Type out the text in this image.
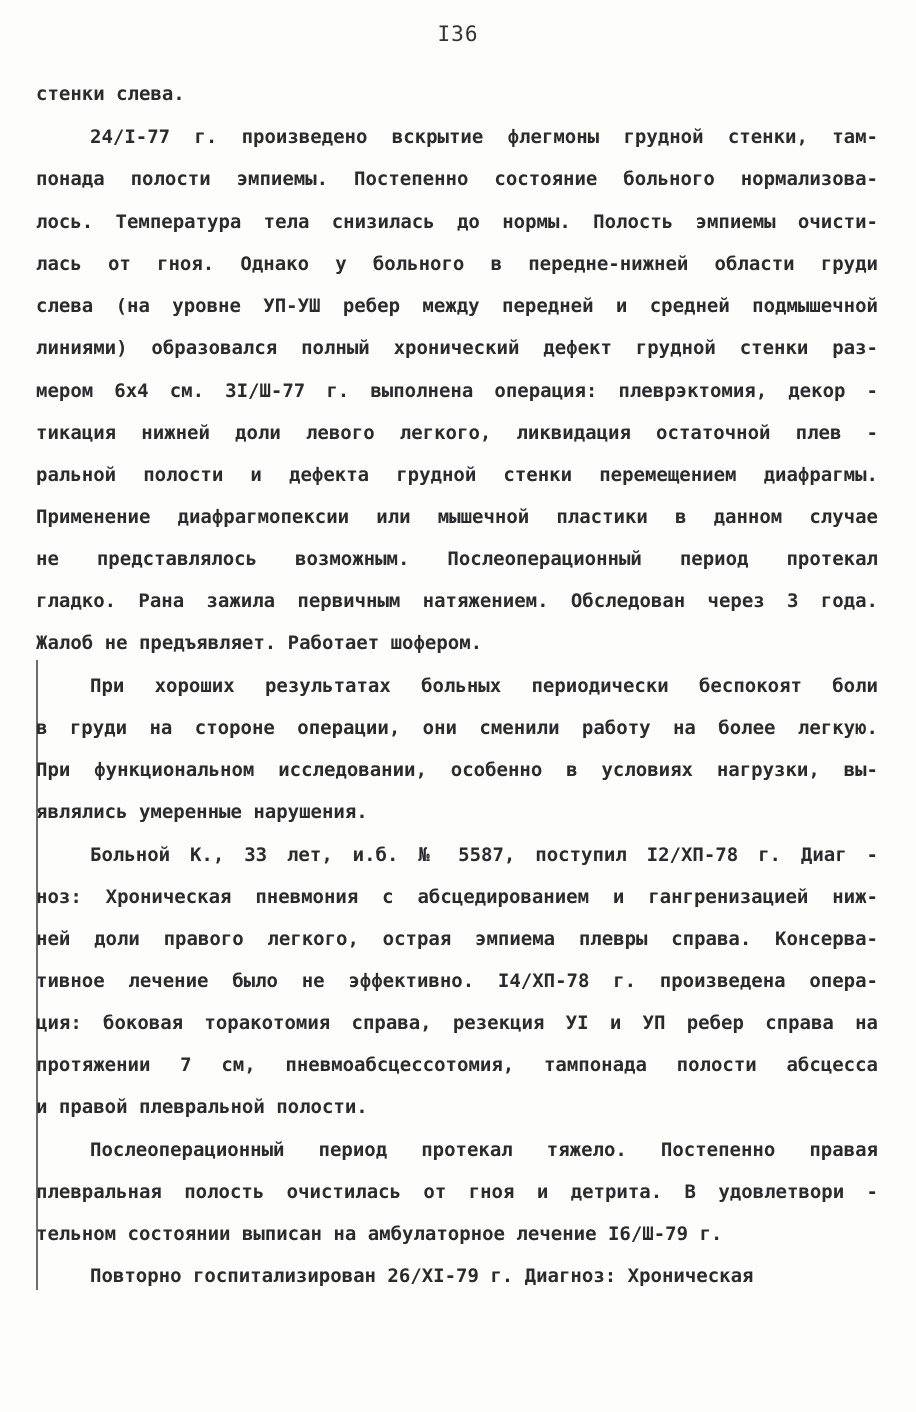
I36
стенки слева.
24/I-77 г. произведено вскрытие флегмоны грудной стенки, там-
понада полости эмпиемы. Постепенно состояние больного нормализова-
лось. Температура тела снизилась до нормы. Полость эмпиемы очисти-
лась от гноя. Однако у больного в передне-нижней области груди
слева (на уровне УП-УШ ребер между передней и средней подмышечной
линиями) образовался полный хронический дефект грудной стенки раз-
мером 6х4 см. 3I/Ш-77 г. выполнена операция: плеврэктомия, декор -
тикация нижней доли левого легкого, ликвидация остаточной плев -
ральной полости и дефекта грудной стенки перемещением диафрагмы.
Применение диафрагмопексии или мышечной пластики в данном случае
не представлялось возможным. Послеоперационный период протекал
гладко. Рана зажила первичным натяжением. Обследован через 3 года.
Жалоб не предъявляет. Работает шофером.
При хороших результатах больных периодически беспокоят боли
в груди на стороне операции, они сменили работу на более легкую.
При функциональном исследовании, особенно в условиях нагрузки, вы-
являлись умеренные нарушения.
Больной К., 33 лет, и.б. № 5587, поступил I2/XП-78 г. Диаг -
ноз: Хроническая пневмония с абсцедированием и гангренизацией ниж-
ней доли правого легкого, острая эмпиема плевры справа. Консерва-
тивное лечение было не эффективно. I4/XП-78 г. произведена опера-
ция: боковая торакотомия справа, резекция УI и УП ребер справа на
протяжении 7 см, пневмоабсцессотомия, тампонада полости абсцесса
и правой плевральной полости.
Послеоперационный период протекал тяжело. Постепенно правая
плевральная полость очистилась от гноя и детрита. В удовлетвори -
тельном состоянии выписан на амбулаторное лечение I6/Ш-79 г.
Повторно госпитализирован 26/XI-79 г. Диагноз: Хроническая
